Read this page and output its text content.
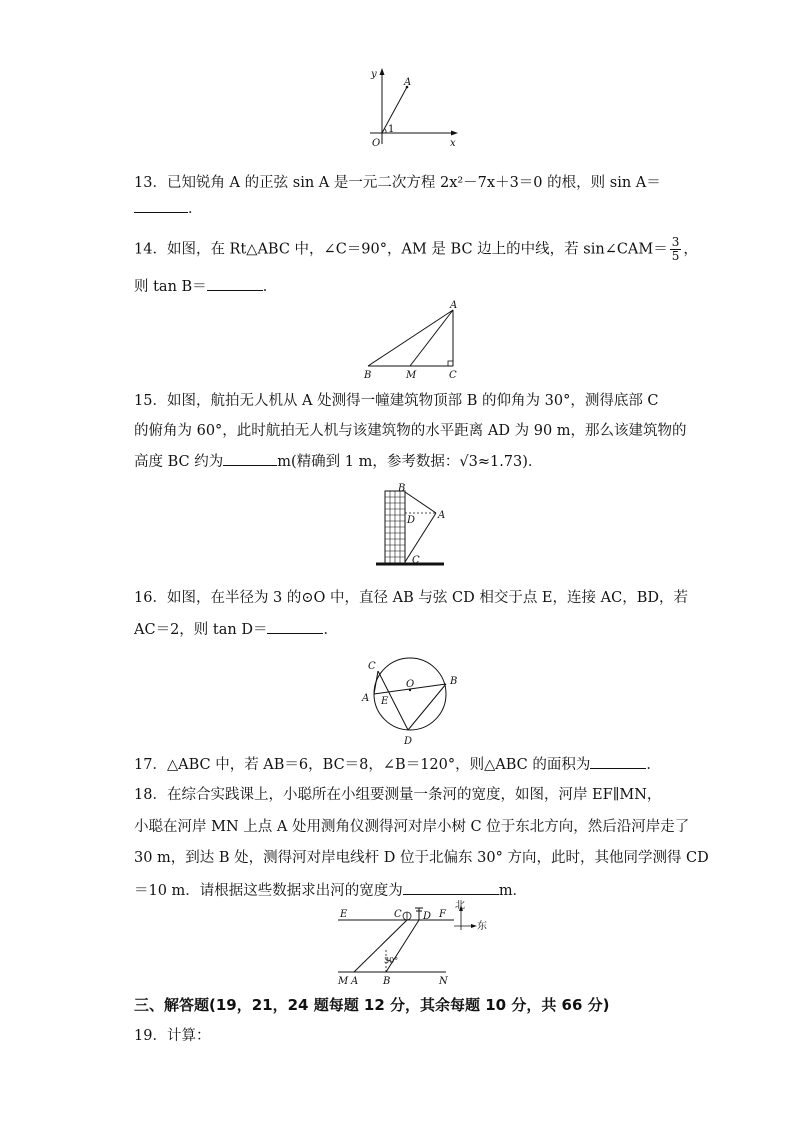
y
x
O
A
1
13．已知锐角 A 的正弦 sin A 是一元二次方程 2x²－7x＋3＝0 的根，则 sin A＝
．
14．如图，在 Rt△ABC 中，∠C＝90°，AM 是 BC 边上的中线，若 sin∠CAM＝ $\frac{3}{5}$ ，
则 tan B＝	．
A
B	M	C
15．如图，航拍无人机从 A 处测得一幢建筑物顶部 B 的仰角为 30°，测得底部 C
的俯角为 60°，此时航拍无人机与该建筑物的水平距离 AD 为 90 m，那么该建筑物的
高度 BC 约为	m(精确到 1 m，参考数据：√3≈1.73)．
B
D A
C
16．如图，在半径为 3 的⊙O 中，直径 AB 与弦 CD 相交于点 E，连接 AC，BD，若
AC＝2，则 tan D＝	．
C
O	B
A E
D
17．△ABC 中，若 AB＝6，BC＝8，∠B＝120°，则△ABC 的面积为	．
18．在综合实践课上，小聪所在小组要测量一条河的宽度，如图，河岸 EF∥MN，
小聪在河岸 MN 上点 A 处用测角仪测得河对岸小树 C 位于东北方向，然后沿河岸走了
30 m，到达 B 处，测得河对岸电线杆 D 位于北偏东 30° 方向，此时，其他同学测得 CD
＝10 m．请根据这些数据求出河的宽度为	m．
E	C D F
北
东
30°
M A B	N
三、解答题(19，21，24 题每题 12 分，其余每题 10 分，共 66 分)
19．计算：
